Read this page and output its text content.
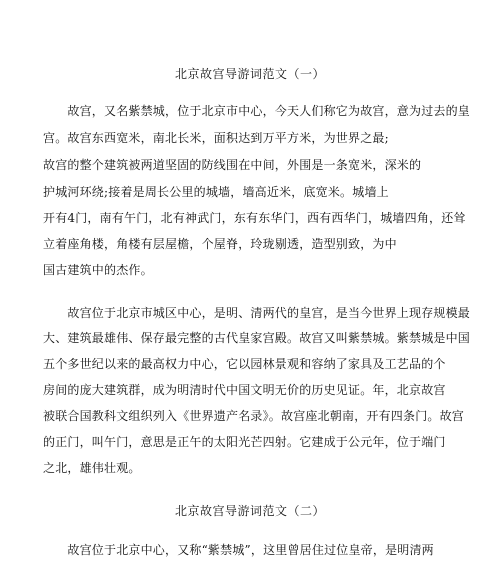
北京故宫导游词范文（一）
　　故宫，又名紫禁城，位于北京市中心，今天人们称它为故宫，意为过去的皇
宫。故宫东西宽米，南北长米，面积达到万平方米，为世界之最;
故宫的整个建筑被两道坚固的防线围在中间，外围是一条宽米，深米的
护城河环绕;接着是周长公里的城墙，墙高近米，底宽米。城墙上
开有4门，南有午门，北有神武门，东有东华门，西有西华门，城墙四角，还耸
立着座角楼，角楼有层屋檐，个屋脊，玲珑剔透，造型别致，为中
国古建筑中的杰作。
　　故宫位于北京市城区中心，是明、清两代的皇宫，是当今世界上现存规模最
大、建筑最雄伟、保存最完整的古代皇家宫殿。故宫又叫紫禁城。紫禁城是中国
五个多世纪以来的最高权力中心，它以园林景观和容纳了家具及工艺品的个
房间的庞大建筑群，成为明清时代中国文明无价的历史见证。年，北京故宫
被联合国教科文组织列入《世界遗产名录》。故宫座北朝南，开有四条门。故宫
的正门，叫午门，意思是正午的太阳光芒四射。它建成于公元年，位于端门
之北，雄伟壮观。
北京故宫导游词范文（二）
　　故宫位于北京中心，又称“紫禁城”，这里曾居住过位皇帝，是明清两
